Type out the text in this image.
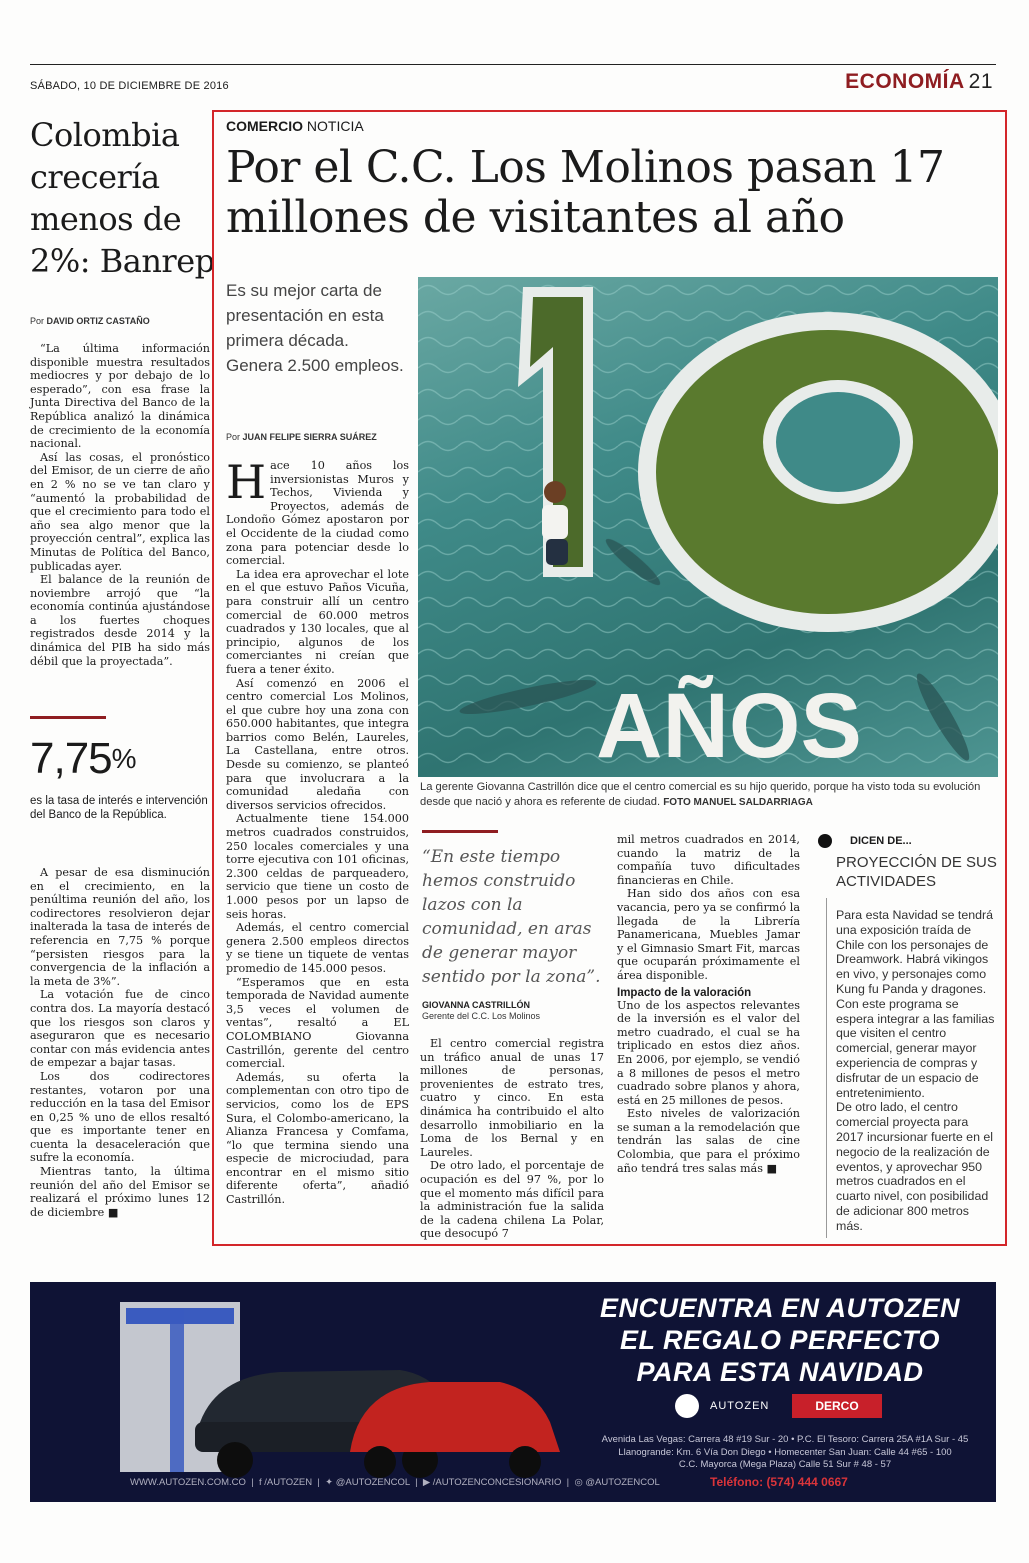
SÁBADO, 10 DE DICIEMBRE DE 2016	ECONOMÍA 21
Colombia crecería menos de 2%: Banrep
Por DAVID ORTIZ CASTAÑO

“La última información disponible muestra resultados mediocres y por debajo de lo esperado”, con esa frase la Junta Directiva del Banco de la República analizó la dinámica de crecimiento de la economía nacional.

Así las cosas, el pronóstico del Emisor, de un cierre de año en 2 % no se ve tan claro y “aumentó la probabilidad de que el crecimiento para todo el año sea algo menor que la proyección central”, explica las Minutas de Política del Banco, publicadas ayer.

El balance de la reunión de noviembre arrojó que “la economía continúa ajustándose a los fuertes choques registrados desde 2014 y la dinámica del PIB ha sido más débil que la proyectada”.

7,75%
es la tasa de interés e intervención del Banco de la República.

A pesar de esa disminución en el crecimiento, en la penúltima reunión del año, los codirectores resolvieron dejar inalterada la tasa de interés de referencia en 7,75 % porque “persisten riesgos para la convergencia de la inflación a la meta de 3%”.

La votación fue de cinco contra dos. La mayoría destacó que los riesgos son claros y aseguraron que es necesario contar con más evidencia antes de empezar a bajar tasas.

Los dos codirectores restantes, votaron por una reducción en la tasa del Emisor en 0,25 % uno de ellos resaltó que es importante tener en cuenta la desaceleración que sufre la economía.

Mientras tanto, la última reunión del año del Emisor se realizará el próximo lunes 12 de diciembre ■

COMERCIO NOTICIA
Por el C.C. Los Molinos pasan 17 millones de visitantes al año
Es su mejor carta de presentación en esta primera década. Genera 2.500 empleos.
Por JUAN FELIPE SIERRA SUÁREZ
AÑOS
La gerente Giovanna Castrillón dice que el centro comercial es su hijo querido, porque ha visto toda su evolución desde que nació y ahora es referente de ciudad. FOTO MANUEL SALDARRIAGA
H ace 10 años los inversionistas Muros y Techos, Vivienda y Proyectos, además de Londoño Gómez apostaron por el Occidente de la ciudad como zona para potenciar desde lo comercial.

La idea era aprovechar el lote en el que estuvo Paños Vicuña, para construir allí un centro comercial de 60.000 metros cuadrados y 130 locales, que al principio, algunos de los comerciantes ni creían que fuera a tener éxito.

Así comenzó en 2006 el centro comercial Los Molinos, el que cubre hoy una zona con 650.000 habitantes, que integra barrios como Belén, Laureles, La Castellana, entre otros. Desde su comienzo, se planteó para que involucrara a la comunidad aledaña con diversos servicios ofrecidos.

Actualmente tiene 154.000 metros cuadrados construidos, 250 locales comerciales y una torre ejecutiva con 101 oficinas, 2.300 celdas de parqueadero, servicio que tiene un costo de 1.000 pesos por un lapso de seis horas.

Además, el centro comercial genera 2.500 empleos directos y se tiene un tiquete de ventas promedio de 145.000 pesos.

“Esperamos que en esta temporada de Navidad aumente 3,5 veces el volumen de ventas”, resaltó a EL COLOMBIANO Giovanna Castrillón, gerente del centro comercial.

Además, su oferta la complementan con otro tipo de servicios, como los de EPS Sura, el Colombo-americano, la Alianza Francesa y Comfama, “lo que termina siendo una especie de microciudad, para encontrar en el mismo sitio diferente oferta”, añadió Castrillón.

“En este tiempo hemos construido lazos con la comunidad, en aras de generar mayor sentido por la zona”.
GIOVANNA CASTRILLÓN
Gerente del C.C. Los Molinos

El centro comercial registra un tráfico anual de unas 17 millones de personas, provenientes de estrato tres, cuatro y cinco. En esta dinámica ha contribuido el alto desarrollo inmobiliario en la Loma de los Bernal y en Laureles.

De otro lado, el porcentaje de ocupación es del 97 %, por lo que el momento más difícil para la administración fue la salida de la cadena chilena La Polar, que desocupó 7

mil metros cuadrados en 2014, cuando la matriz de la compañía tuvo dificultades financieras en Chile.

Han sido dos años con esa vacancia, pero ya se confirmó la llegada de la Librería Panamericana, Muebles Jamar y el Gimnasio Smart Fit, marcas que ocuparán próximamente el área disponible.

Impacto de la valoración

Uno de los aspectos relevantes de la inversión es el valor del metro cuadrado, el cual se ha triplicado en estos diez años. En 2006, por ejemplo, se vendió a 8 millones de pesos el metro cuadrado sobre planos y ahora, está en 25 millones de pesos.

Esto niveles de valorización se suman a la remodelación que tendrán las salas de cine Colombia, que para el próximo año tendrá tres salas más ■

DICEN DE...
PROYECCIÓN DE SUS ACTIVIDADES
Para esta Navidad se tendrá una exposición traída de Chile con los personajes de Dreamwork. Habrá vikingos en vivo, y personajes como Kung fu Panda y dragones.
Con este programa se espera integrar a las familias que visiten el centro comercial, generar mayor experiencia de compras y disfrutar de un espacio de entretenimiento.
De otro lado, el centro comercial proyecta para 2017 incursionar fuerte en el negocio de la realización de eventos, y aprovechar 950 metros cuadrados en el cuarto nivel, con posibilidad de adicionar 800 metros más.
ENCUENTRA EN AUTOZEN
EL REGALO PERFECTO
PARA ESTA NAVIDAD
AUTOZEN	DERCO
Avenida Las Vegas: Carrera 48 #19 Sur - 20 • P.C. El Tesoro: Carrera 25A #1A Sur - 45
Llanogrande: Km. 6 Vía Don Diego • Homecenter San Juan: Calle 44 #65 - 100
C.C. Mayorca (Mega Plaza) Calle 51 Sur # 48 - 57
WWW.AUTOZEN.COM.CO  |  f /AUTOZEN  |  ✦ @AUTOZENCOL  |  ▶ /AUTOZENCONCESIONARIO  |  ◎ @AUTOZENCOL	Teléfono: (574) 444 0667
